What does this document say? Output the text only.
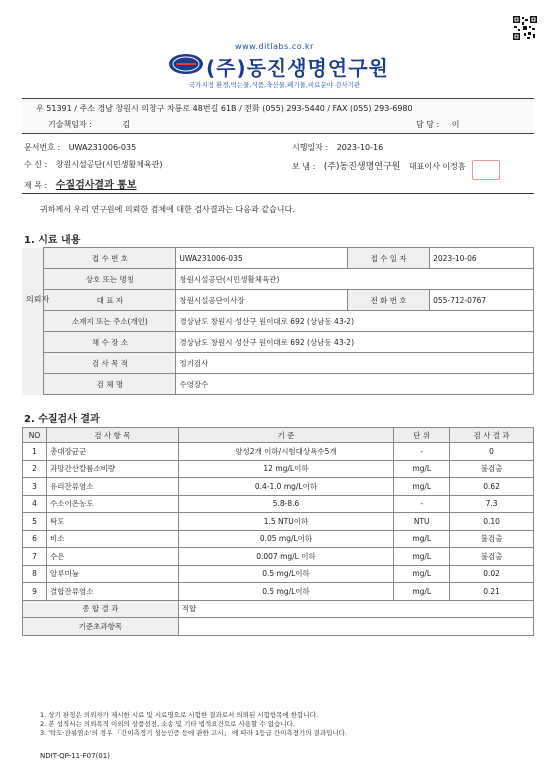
www.ditlabs.co.kr
(주)동진생명연구원
국가지정 환경,먹는물,식품,축산물,폐기물,비료분야 검사기관
우 51391 / 주소 경남 창원시 의창구 차룡로 48번길 61B / 전화 (055) 293-5440 / FAX (055) 293-6980
기술책임자 :	김	담 당 : 이
문서번호 : UWA231006-035	시행일자 : 2023-10-16
수 신 : 창원시설공단(시민생활체육관)	보 냄 : (주)동진생명연구원 대표이사 이정흠
제 목 : 수질검사결과 통보
귀하께서 우리 연구원에 의뢰한 검체에 대한 검사결과는 다음과 같습니다.
1. 시료 내용
	접 수 번 호	UWA231006-035	접 수 일 자	2023-10-06
	상호 또는 명칭	창원시설공단(시민생활체육관)		
	대 표 자	창원시설공단이사장	전 화 번 호	055-712-0767
	소재지 또는 주소(개인)	경상남도 창원시 성산구 원이대로 692 (상남동 43-2)		
	채 수 장 소	경상남도 창원시 성산구 원이대로 692 (상남동 43-2)		
	검 사 목 적	정기검사		
	검 체 명	수영장수		
의뢰자
2. 수질검사 결과
NO	검 사 항 목	기 준	단 위	검 사 결 과
1	총대장균군	양성2개 이하/시험대상욕수5개	-	0
2	과망간산칼륨소비량	12 mg/L이하	mg/L	불검출
3	유리잔류염소	0.4-1.0 mg/L이하	mg/L	0.62
4	수소이온농도	5.8-8.6	-	7.3
5	탁도	1.5 NTU이하	NTU	0.10
6	비소	0.05 mg/L이하	mg/L	불검출
7	수은	0.007 mg/L 이하	mg/L	불검출
8	알루미늄	0.5 mg/L이하	mg/L	0.02
9	결합잔류염소	0.5 mg/L이하	mg/L	0.21
종 합 결 과		적합		
기준초과항목				
1. 상기 판정은 의뢰자가 제시한 시료 및 시료명으로 시험한 결과로서 의뢰된 시험항목에 한합니다.
2. 본 성적서는 의뢰목적 이외의 상품선전, 소송 및 기타 법적요건으로 사용할 수 없습니다.
3. '탁도·잔류염소'의 경우 「간이측정기 성능인증 등에 관한 고시」 에 따라 1등급 간이측정기의 결과입니다.
NDIT-QP-11-F07(01)
